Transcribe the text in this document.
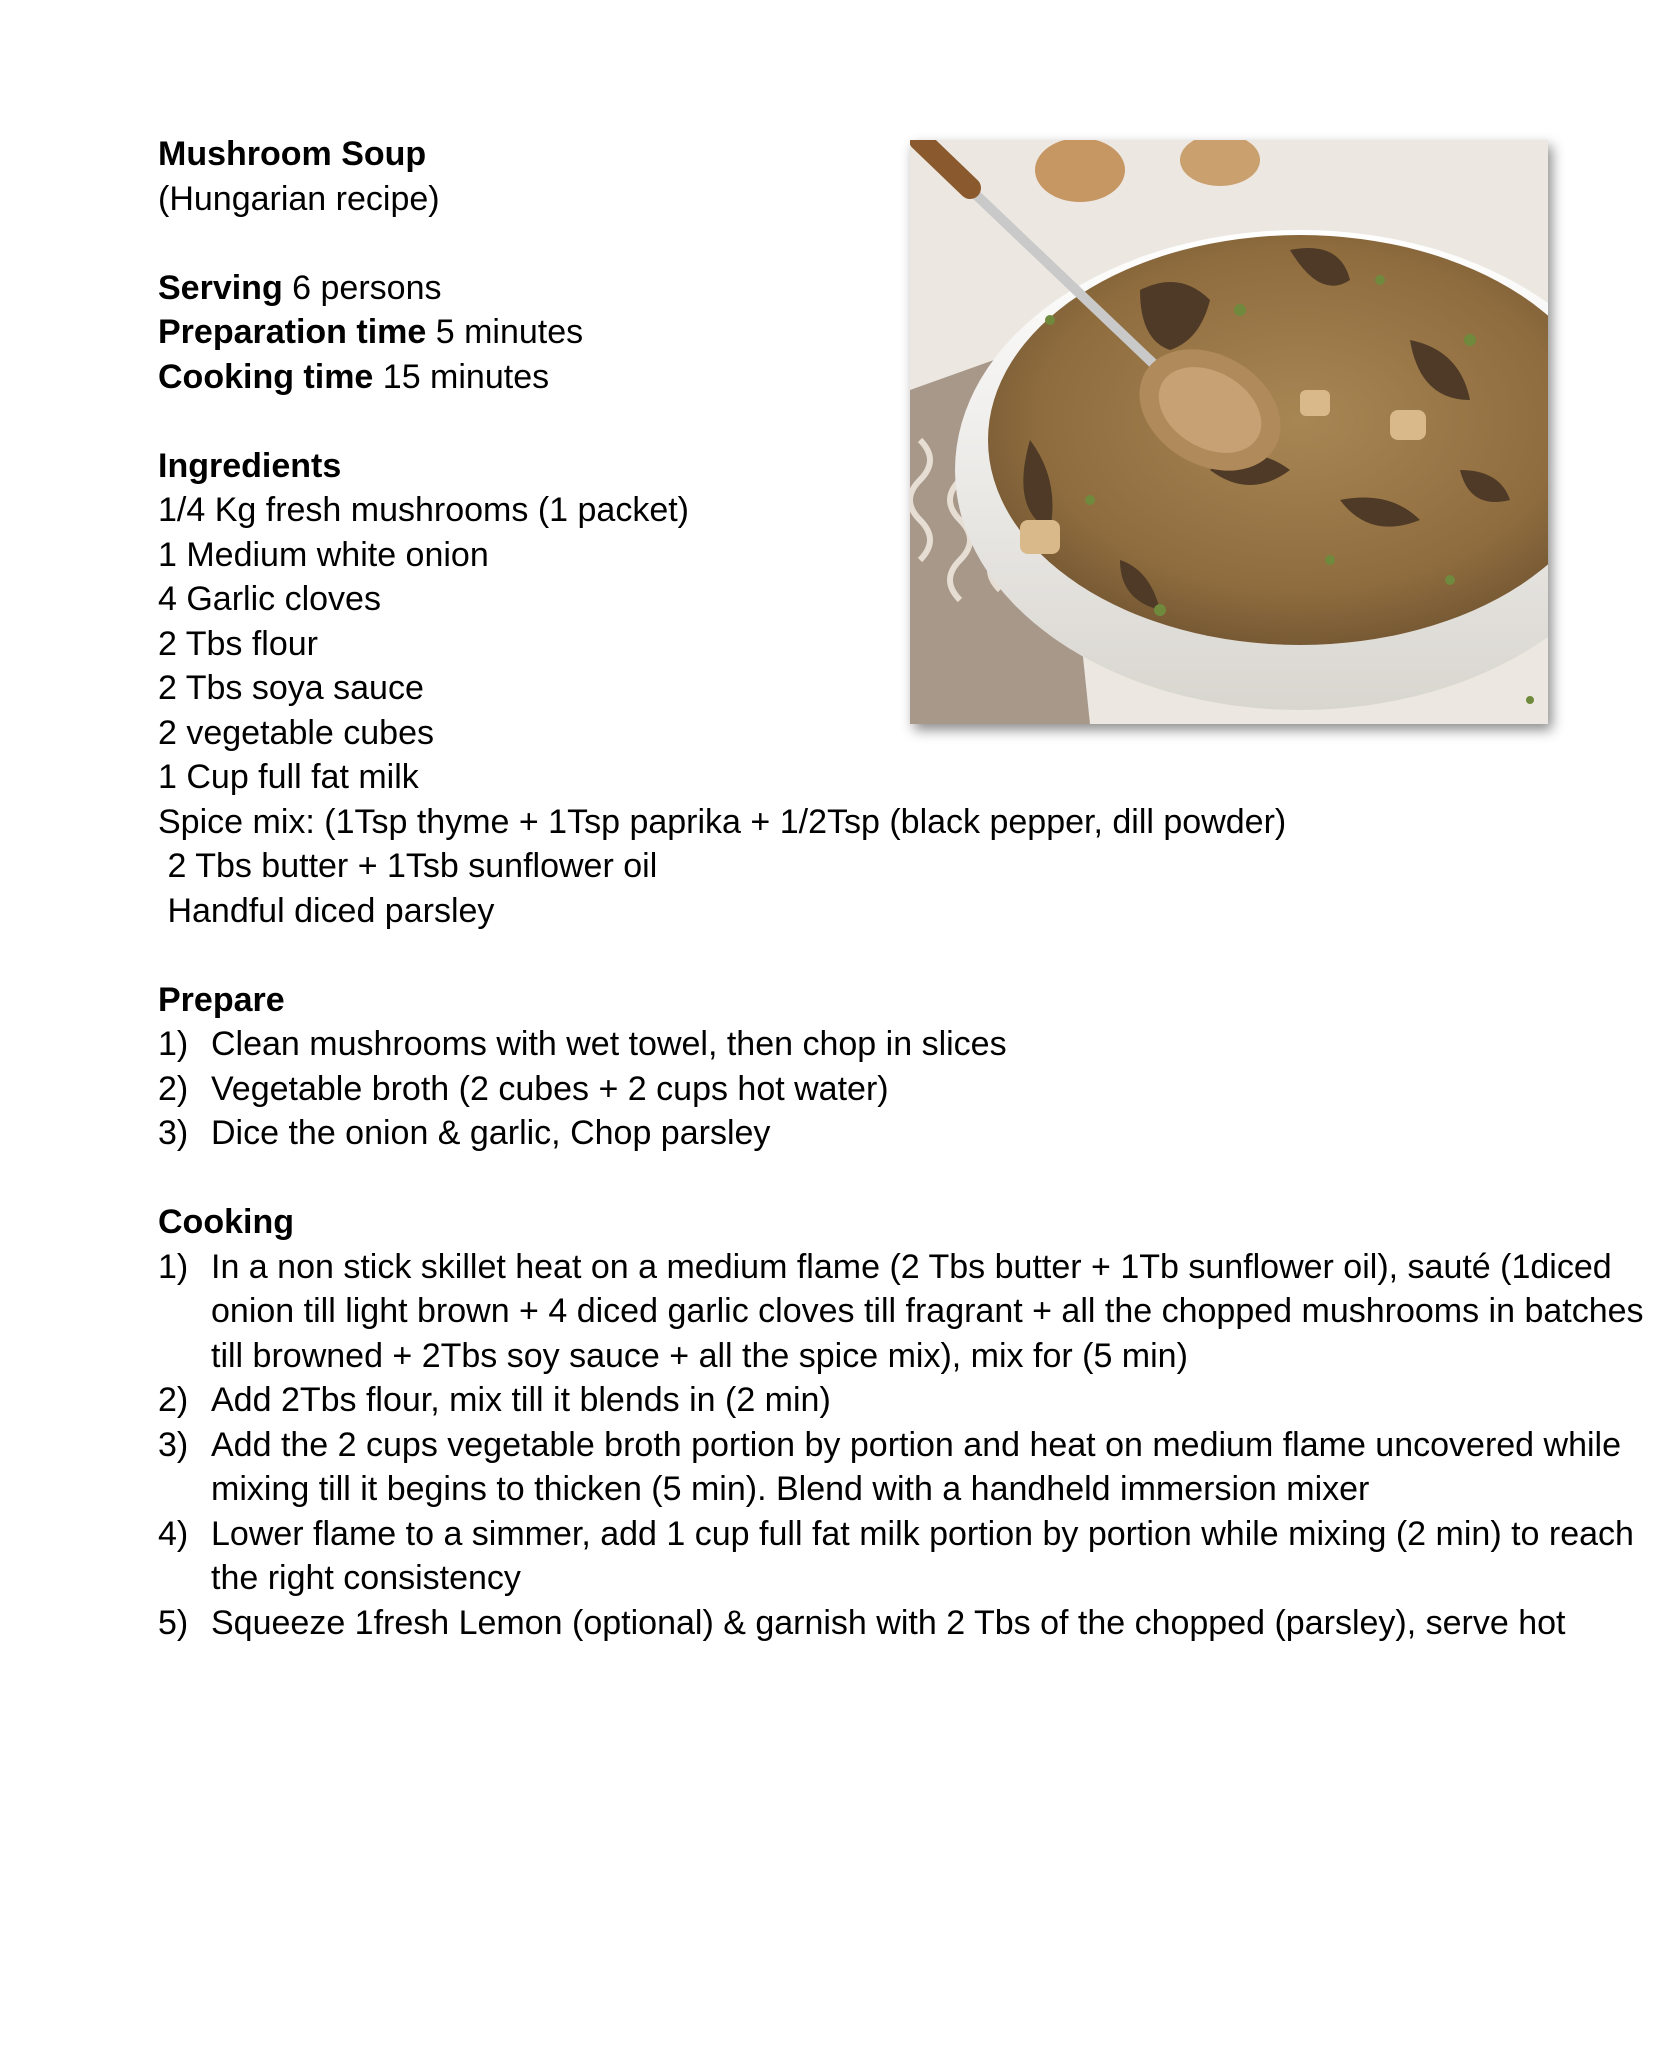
Mushroom Soup
(Hungarian recipe)
Serving 6 persons
Preparation time 5 minutes
Cooking time 15 minutes
Ingredients
1/4 Kg fresh mushrooms (1 packet)
1 Medium white onion
4 Garlic cloves
2 Tbs flour
2 Tbs soya sauce
2 vegetable cubes
1 Cup full fat milk
Spice mix: (1Tsp thyme + 1Tsp paprika + 1/2Tsp (black pepper, dill powder)
2 Tbs butter + 1Tsb sunflower oil
Handful diced parsley
Prepare
1) Clean mushrooms with wet towel, then chop in slices
2) Vegetable broth (2 cubes + 2 cups hot water)
3) Dice the onion & garlic, Chop parsley
Cooking
1) In a non stick skillet heat on a medium flame (2 Tbs butter + 1Tb sunflower oil), sauté (1diced onion till light brown + 4 diced garlic cloves till fragrant + all the chopped mushrooms in batches till browned + 2Tbs soy sauce + all the spice mix), mix for (5 min)
2) Add 2Tbs flour, mix till it blends in (2 min)
3) Add the 2 cups vegetable broth portion by portion and heat on medium flame uncovered while mixing till it begins to thicken (5 min). Blend with a handheld immersion mixer
4) Lower flame to a simmer, add 1 cup full fat milk portion by portion while mixing (2 min) to reach the right consistency
5) Squeeze 1fresh Lemon (optional) & garnish with 2 Tbs of the chopped (parsley), serve hot
